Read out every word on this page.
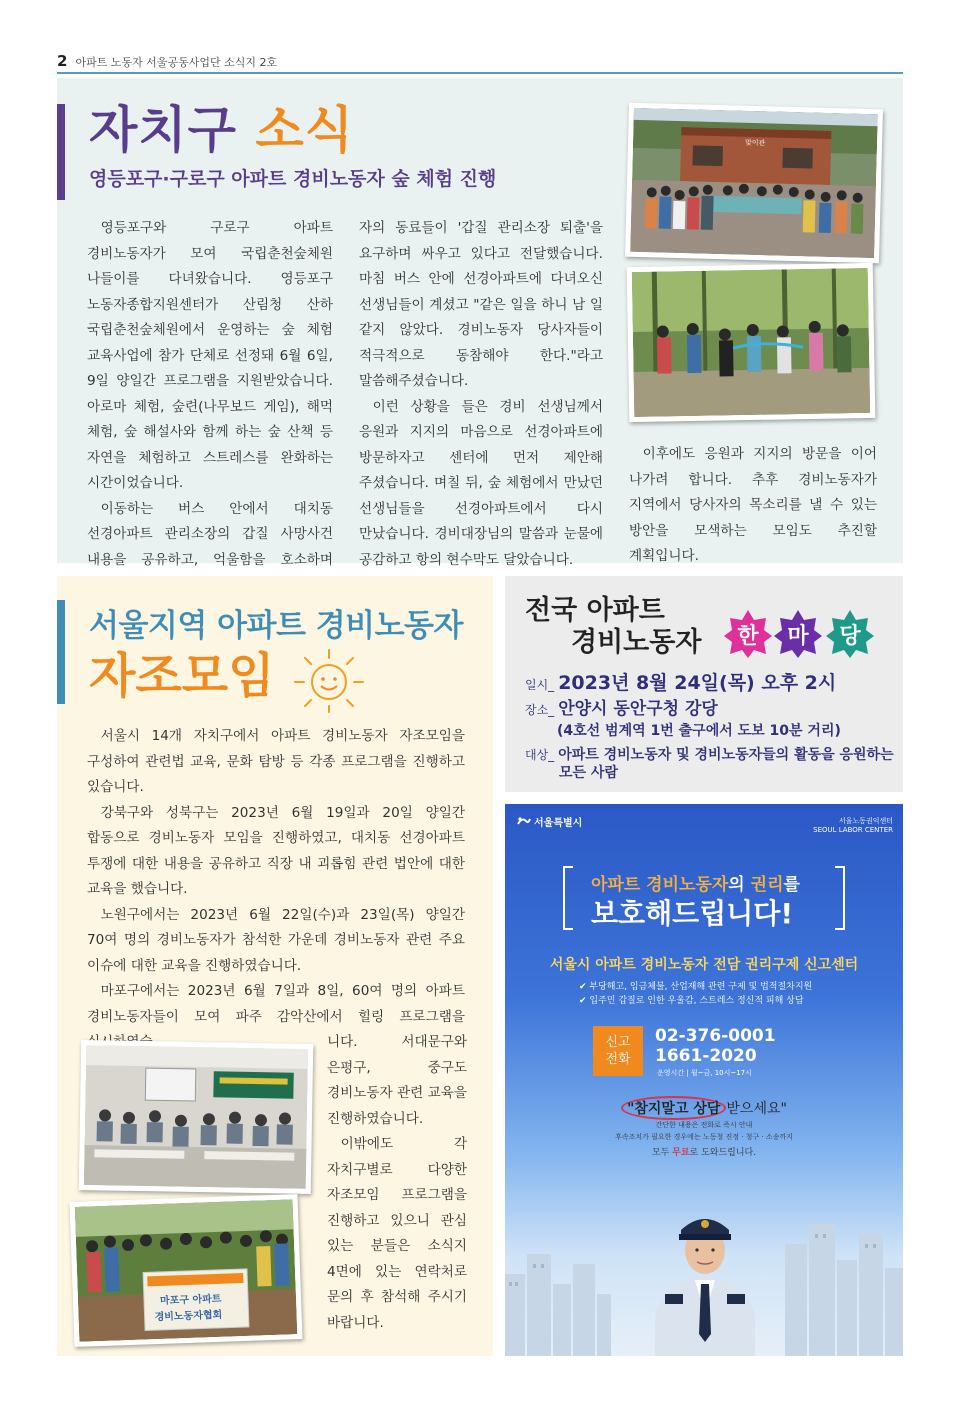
2 아파트 노동자 서울공동사업단 소식지 2호
자치구 소식
영등포구·구로구 아파트 경비노동자 숲 체험 진행

영등포구와 구로구 아파트 경비노동자가 모여 국립춘천숲체원 나들이를 다녀왔습니다. 영등포구 노동자종합지원센터가 산림청 산하 국립춘천숲체원에서 운영하는 숲 체험 교육사업에 참가 단체로 선정돼 6월 6일, 9일 양일간 프로그램을 지원받았습니다. 아로마 체험, 숲련(나무보드 게임), 해먹 체험, 숲 해설사와 함께 하는 숲 산책 등 자연을 체험하고 스트레스를 완화하는 시간이었습니다.

이동하는 버스 안에서 대치동 선경아파트 관리소장의 갑질 사망사건 내용을 공유하고, 억울함을 호소하며

자의 동료들이 '갑질 관리소장 퇴출'을 요구하며 싸우고 있다고 전달했습니다. 마침 버스 안에 선경아파트에 다녀오신 선생님들이 계셨고 "같은 일을 하니 남 일 같지 않았다. 경비노동자 당사자들이 적극적으로 동참해야 한다."라고 말씀해주셨습니다.

이런 상황을 들은 경비 선생님께서 응원과 지지의 마음으로 선경아파트에 방문하자고 센터에 먼저 제안해 주셨습니다. 며칠 뒤, 숲 체험에서 만났던 선생님들을 선경아파트에서 다시 만났습니다. 경비대장님의 말씀과 눈물에 공감하고 항의 현수막도 달았습니다.

이후에도 응원과 지지의 방문을 이어 나가려 합니다. 추후 경비노동자가 지역에서 당사자의 목소리를 낼 수 있는 방안을 모색하는 모임도 추진할 계획입니다.

맞이관
서울지역 아파트 경비노동자
자조모임

서울시 14개 자치구에서 아파트 경비노동자 자조모임을 구성하여 관련법 교육, 문화 탐방 등 각종 프로그램을 진행하고 있습니다.

강북구와 성북구는 2023년 6월 19일과 20일 양일간 합동으로 경비노동자 모임을 진행하였고, 대치동 선경아파트 투쟁에 대한 내용을 공유하고 직장 내 괴롭힘 관련 법안에 대한 교육을 했습니다.

노원구에서는 2023년 6월 22일(수)과 23일(목) 양일간 70여 명의 경비노동자가 참석한 가운데 경비노동자 관련 주요 이슈에 대한 교육을 진행하였습니다.

마포구에서는 2023년 6월 7일과 8일, 60여 명의 아파트 경비노동자들이 모여 파주 감악산에서 힐링 프로그램을

니다. 서대문구와 은평구, 중구도 경비노동자 관련 교육을 진행하였습니다.

이밖에도 각 자치구별로 다양한 자조모임 프로그램을 진행하고 있으니 관심 있는 분들은 소식지 4면에 있는 연락처로 문의 후 참석해 주시기 바랍니다.

마포구 아파트
경비노동자협회
전국 아파트
경비노동자 한 마 당
일시_ 2023년 8월 24일(목) 오후 2시
장소_ 안양시 동안구청 강당
(4호선 범계역 1번 출구에서 도보 10분 거리)
대상_ 아파트 경비노동자 및 경비노동자들의 활동을 응원하는
모든 사람
서울특별시	서울노동권익센터
SEOUL LABOR CENTER
아파트 경비노동자의 권리를
보호해드립니다!
서울시 아파트 경비노동자 전담 권리구제 신고센터
✔ 부당해고, 임금체불, 산업재해 관련 구제 및 법적절차지원
✔ 입주민 갑질로 인한 우울감, 스트레스 정신적 피해 상담
신고
전화
02-376-0001
1661-2020
운영시간 | 월~금, 10시~17시
"참지말고 상담 받으세요"
간단한 내용은 전화로 즉시 안내
후속조치가 필요한 경우에는 노동청 진정 · 청구 · 소송까지
모두 무료로 도와드립니다.
